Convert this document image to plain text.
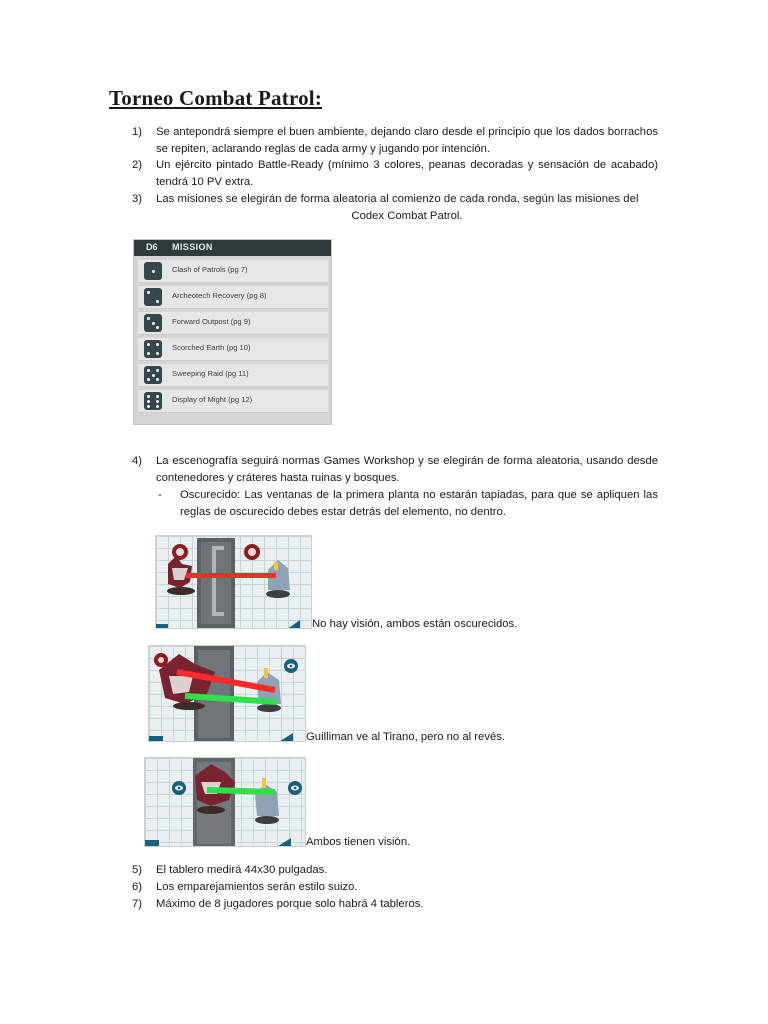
Torneo Combat Patrol:
1) Se antepondrá siempre el buen ambiente, dejando claro desde el principio que los dados borrachos se repiten, aclarando reglas de cada army y jugando por intención.
2) Un ejército pintado Battle-Ready (mínimo 3 colores, peanas decoradas y sensación de acabado) tendrá 10 PV extra.
3) Las misiones se elegirán de forma aleatoria al comienzo de cada ronda, según las misiones del
Codex Combat Patrol.
D6 MISSION
Clash of Patrols (pg 7)
Archeotech Recovery (pg 8)
Forward Outpost (pg 9)
Scorched Earth (pg 10)
Sweeping Raid (pg 11)
Display of Might (pg 12)
4) La escenografía seguirá normas Games Workshop y se elegirán de forma aleatoria, usando desde contenedores y cráteres hasta ruinas y bosques.
- Oscurecido: Las ventanas de la primera planta no estarán tapiadas, para que se apliquen las reglas de oscurecido debes estar detrás del elemento, no dentro.
No hay visión, ambos están oscurecidos.
Guilliman ve al Tirano, pero no al revés.
Ambos tienen visión.
5) El tablero medirá 44x30 pulgadas.
6) Los emparejamientos serán estilo suizo.
7) Máximo de 8 jugadores porque solo habrá 4 tableros.
